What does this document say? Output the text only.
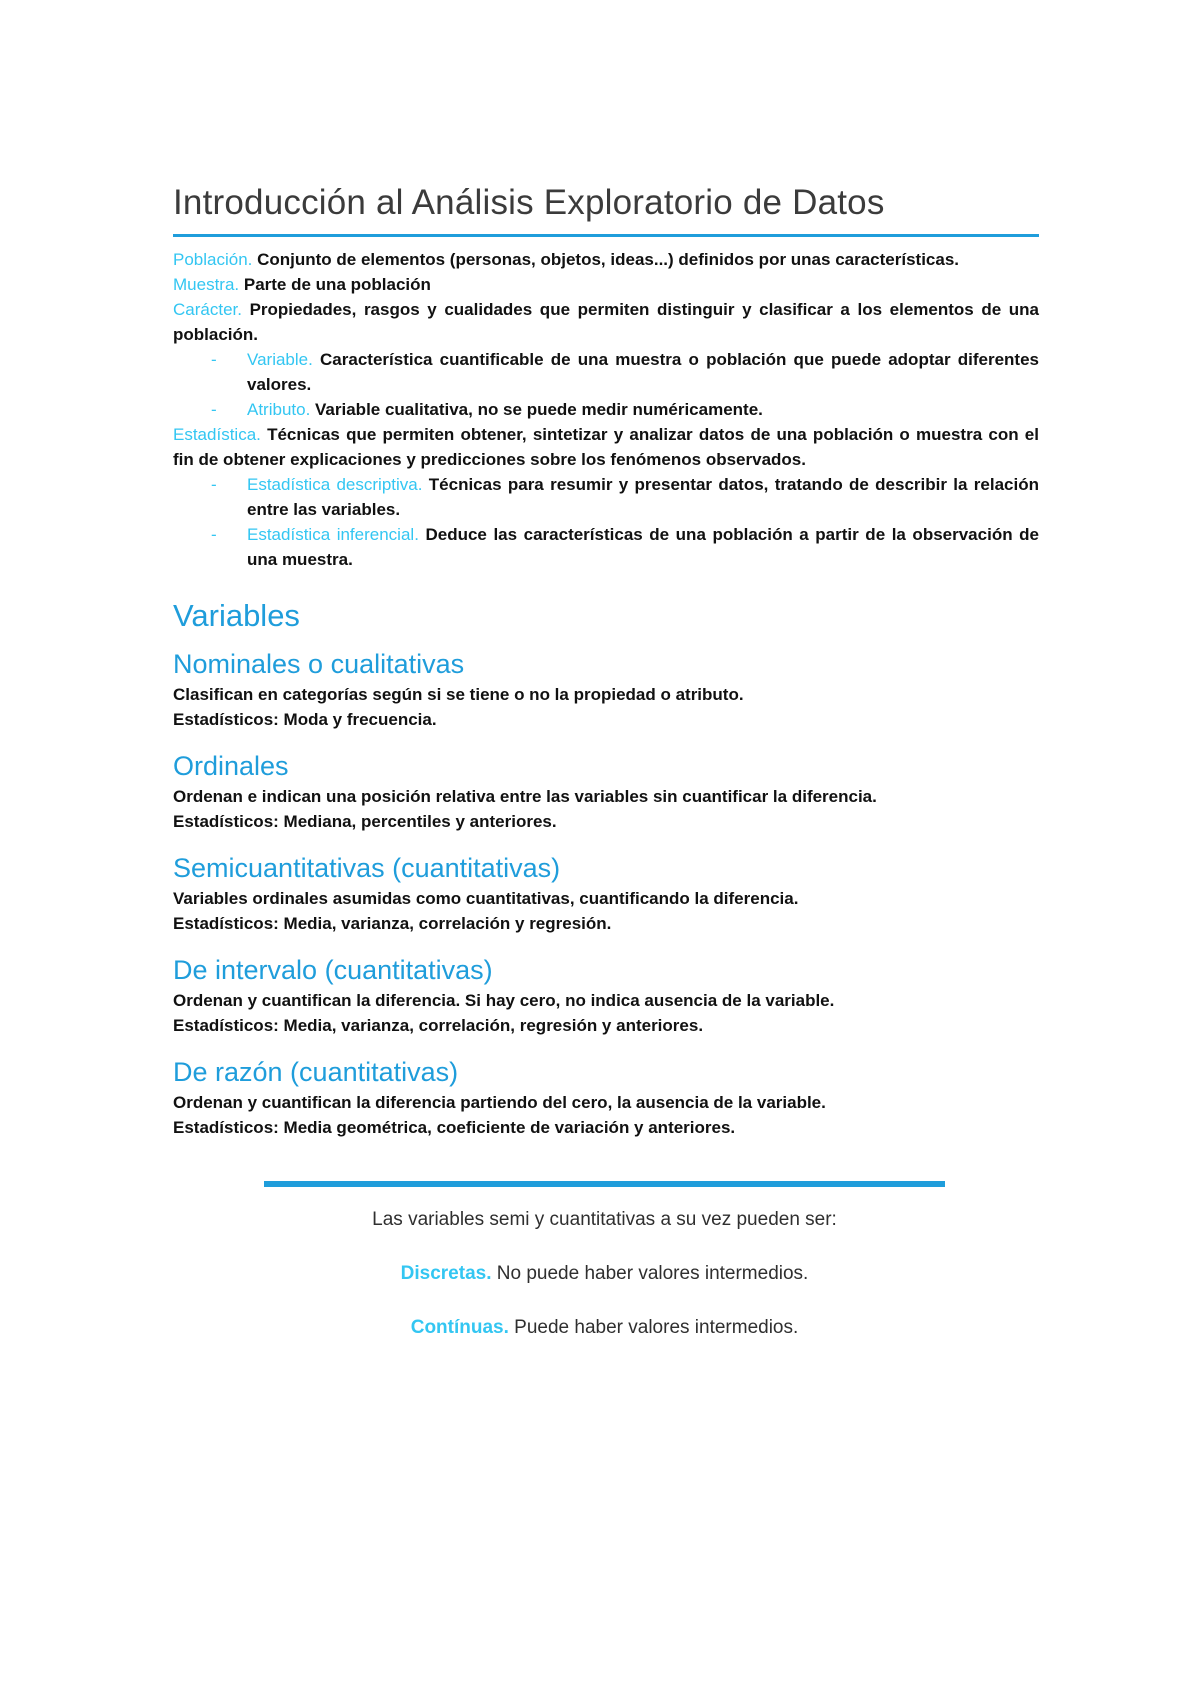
Introducción al Análisis Exploratorio de Datos

Población. Conjunto de elementos (personas, objetos, ideas...) definidos por unas características.

Muestra. Parte de una población

Carácter. Propiedades, rasgos y cualidades que permiten distinguir y clasificar a los elementos de una población.

-	Variable. Característica cuantificable de una muestra o población que puede adoptar diferentes valores.
-	Atributo. Variable cualitativa, no se puede medir numéricamente.

Estadística. Técnicas que permiten obtener, sintetizar y analizar datos de una población o muestra con el fin de obtener explicaciones y predicciones sobre los fenómenos observados.

-	Estadística descriptiva. Técnicas para resumir y presentar datos, tratando de describir la relación entre las variables.
-	Estadística inferencial. Deduce las características de una población a partir de la observación de una muestra.
Variables
Nominales o cualitativas

Clasifican en categorías según si se tiene o no la propiedad o atributo.

Estadísticos: Moda y frecuencia.

Ordinales

Ordenan e indican una posición relativa entre las variables sin cuantificar la diferencia.

Estadísticos: Mediana, percentiles y anteriores.

Semicuantitativas (cuantitativas)

Variables ordinales asumidas como cuantitativas, cuantificando la diferencia.

Estadísticos: Media, varianza, correlación y regresión.

De intervalo (cuantitativas)

Ordenan y cuantifican la diferencia. Si hay cero, no indica ausencia de la variable.

Estadísticos: Media, varianza, correlación, regresión y anteriores.

De razón (cuantitativas)

Ordenan y cuantifican la diferencia partiendo del cero, la ausencia de la variable.

Estadísticos: Media geométrica, coeficiente de variación y anteriores.

Las variables semi y cuantitativas a su vez pueden ser:

Discretas. No puede haber valores intermedios.

Contínuas. Puede haber valores intermedios.
